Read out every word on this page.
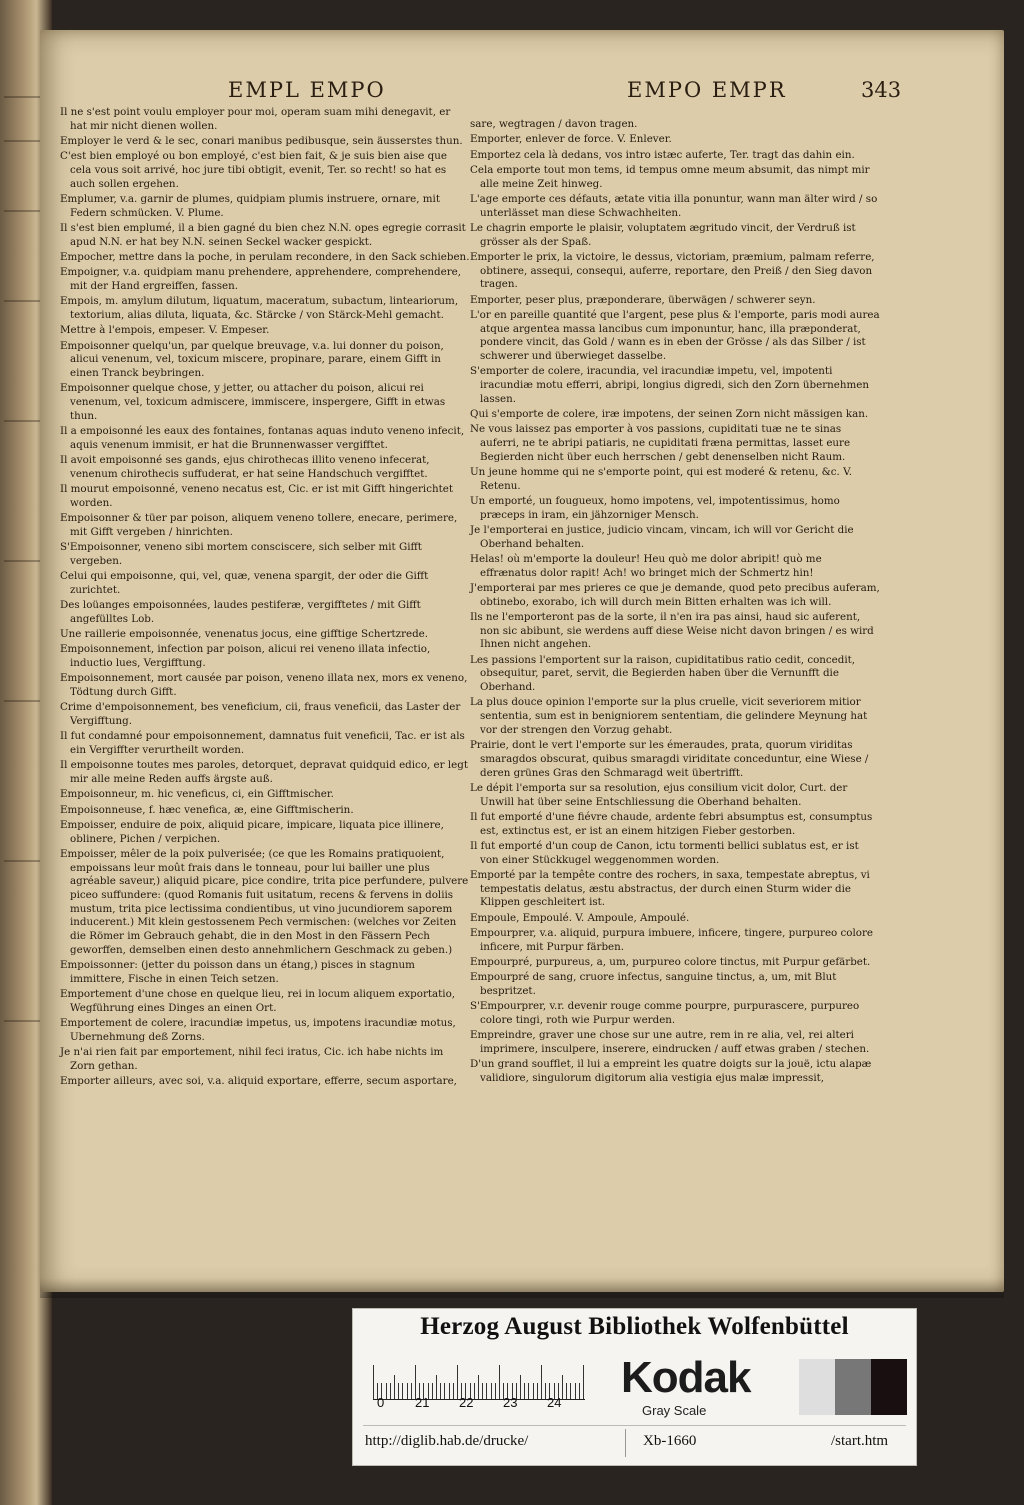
EMPL EMPO	EMPO EMPR	343
Il ne s'est point voulu employer pour moi, operam suam mihi denegavit, er hat mir nicht dienen wollen.
Employer le verd & le sec, conari manibus pedibusque, sein äusserstes thun.
C'est bien employé ou bon employé, c'est bien fait, & je suis bien aise que cela vous soit arrivé, hoc jure tibi obtigit, evenit, Ter. so recht! so hat es auch sollen ergehen.
Emplumer, v.a. garnir de plumes, quidpiam plumis instruere, ornare, mit Federn schmücken. V. Plume.
Il s'est bien emplumé, il a bien gagné du bien chez N.N. opes egregie corrasit apud N.N. er hat bey N.N. seinen Seckel wacker gespickt.
Empocher, mettre dans la poche, in perulam recondere, in den Sack schieben.
Empoigner, v.a. quidpiam manu prehendere, apprehendere, comprehendere, mit der Hand ergreiffen, fassen.
Empois, m. amylum dilutum, liquatum, maceratum, subactum, linteariorum, textorium, alias diluta, liquata, &c. Stärcke / von Stärck-Mehl gemacht.
Mettre à l'empois, empeser. V. Empeser.
Empoisonner quelqu'un, par quelque breuvage, v.a. lui donner du poison, alicui venenum, vel, toxicum miscere, propinare, parare, einem Gifft in einen Tranck beybringen.
Empoisonner quelque chose, y jetter, ou attacher du poison, alicui rei venenum, vel, toxicum admiscere, immiscere, inspergere, Gifft in etwas thun.
Il a empoisonné les eaux des fontaines, fontanas aquas induto veneno infecit, aquis venenum immisit, er hat die Brunnenwasser vergifftet.
Il avoit empoisonné ses gands, ejus chirothecas illito veneno infecerat, venenum chirothecis suffuderat, er hat seine Handschuch vergifftet.
Il mourut empoisonné, veneno necatus est, Cic. er ist mit Gifft hingerichtet worden.
Empoisonner & tüer par poison, aliquem veneno tollere, enecare, perimere, mit Gifft vergeben / hinrichten.
S'Empoisonner, veneno sibi mortem consciscere, sich selber mit Gifft vergeben.
Celui qui empoisonne, qui, vel, quæ, venena spargit, der oder die Gifft zurichtet.
Des loüanges empoisonnées, laudes pestiferæ, vergifftetes / mit Gifft angefülltes Lob.
Une raillerie empoisonnée, venenatus jocus, eine gifftige Schertzrede.
Empoisonnement, infection par poison, alicui rei veneno illata infectio, inductio lues, Vergifftung.
Empoisonnement, mort causée par poison, veneno illata nex, mors ex veneno, Tödtung durch Gifft.
Crime d'empoisonnement, bes veneficium, cii, fraus veneficii, das Laster der Vergifftung.
Il fut condamné pour empoisonnement, damnatus fuit veneficii, Tac. er ist als ein Vergiffter verurtheilt worden.
Il empoisonne toutes mes paroles, detorquet, depravat quidquid edico, er legt mir alle meine Reden auffs ärgste auß.
Empoisonneur, m. hic veneficus, ci, ein Gifftmischer.
Empoisonneuse, f. hæc venefica, æ, eine Gifftmischerin.
Empoisser, enduire de poix, aliquid picare, impicare, liquata pice illinere, oblinere, Pichen / verpichen.
Empoisser, mêler de la poix pulverisée; (ce que les Romains pratiquoient, empoissans leur moût frais dans le tonneau, pour lui bailler une plus agréable saveur,) aliquid picare, pice condire, trita pice perfundere, pulvere piceo suffundere: (quod Romanis fuit usitatum, recens & fervens in doliis mustum, trita pice lectissima condientibus, ut vino jucundiorem saporem inducerent.) Mit klein gestossenem Pech vermischen: (welches vor Zeiten die Römer im Gebrauch gehabt, die in den Most in den Fässern Pech geworffen, demselben einen desto annehmlichern Geschmack zu geben.)
Empoissonner: (jetter du poisson dans un étang,) pisces in stagnum immittere, Fische in einen Teich setzen.
Emportement d'une chose en quelque lieu, rei in locum aliquem exportatio, Wegführung eines Dinges an einen Ort.
Emportement de colere, iracundiæ impetus, us, impotens iracundiæ motus, Ubernehmung deß Zorns.
Je n'ai rien fait par emportement, nihil feci iratus, Cic. ich habe nichts im Zorn gethan.
Emporter ailleurs, avec soi, v.a. aliquid exportare, efferre, secum asportare,
sare, wegtragen / davon tragen.
Emporter, enlever de force. V. Enlever.
Emportez cela là dedans, vos intro istæc auferte, Ter. tragt das dahin ein.
Cela emporte tout mon tems, id tempus omne meum absumit, das nimpt mir alle meine Zeit hinweg.
L'age emporte ces défauts, ætate vitia illa ponuntur, wann man älter wird / so unterlässet man diese Schwachheiten.
Le chagrin emporte le plaisir, voluptatem ægritudo vincit, der Verdruß ist grösser als der Spaß.
Emporter le prix, la victoire, le dessus, victoriam, præmium, palmam referre, obtinere, assequi, consequi, auferre, reportare, den Preiß / den Sieg davon tragen.
Emporter, peser plus, præponderare, überwägen / schwerer seyn.
L'or en pareille quantité que l'argent, pese plus & l'emporte, paris modi aurea atque argentea massa lancibus cum imponuntur, hanc, illa præponderat, pondere vincit, das Gold / wann es in eben der Grösse / als das Silber / ist schwerer und überwieget dasselbe.
S'emporter de colere, iracundia, vel iracundiæ impetu, vel, impotenti iracundiæ motu efferri, abripi, longius digredi, sich den Zorn übernehmen lassen.
Qui s'emporte de colere, iræ impotens, der seinen Zorn nicht mässigen kan.
Ne vous laissez pas emporter à vos passions, cupiditati tuæ ne te sinas auferri, ne te abripi patiaris, ne cupiditati fræna permittas, lasset eure Begierden nicht über euch herrschen / gebt denenselben nicht Raum.
Un jeune homme qui ne s'emporte point, qui est moderé & retenu, &c. V. Retenu.
Un emporté, un fougueux, homo impotens, vel, impotentissimus, homo præceps in iram, ein jähzorniger Mensch.
Je l'emporterai en justice, judicio vincam, vincam, ich will vor Gericht die Oberhand behalten.
Helas! où m'emporte la douleur! Heu quò me dolor abripit! quò me effrænatus dolor rapit! Ach! wo bringet mich der Schmertz hin!
J'emporterai par mes prieres ce que je demande, quod peto precibus auferam, obtinebo, exorabo, ich will durch mein Bitten erhalten was ich will.
Ils ne l'emporteront pas de la sorte, il n'en ira pas ainsi, haud sic auferent, non sic abibunt, sie werdens auff diese Weise nicht davon bringen / es wird Ihnen nicht angehen.
Les passions l'emportent sur la raison, cupiditatibus ratio cedit, concedit, obsequitur, paret, servit, die Begierden haben über die Vernunfft die Oberhand.
La plus douce opinion l'emporte sur la plus cruelle, vicit severiorem mitior sententia, sum est in benigniorem sententiam, die gelindere Meynung hat vor der strengen den Vorzug gehabt.
Prairie, dont le vert l'emporte sur les émeraudes, prata, quorum viriditas smaragdos obscurat, quibus smaragdi viriditate conceduntur, eine Wiese / deren grünes Gras den Schmaragd weit übertrifft.
Le dépit l'emporta sur sa resolution, ejus consilium vicit dolor, Curt. der Unwill hat über seine Entschliessung die Oberhand behalten.
Il fut emporté d'une fiévre chaude, ardente febri absumptus est, consumptus est, extinctus est, er ist an einem hitzigen Fieber gestorben.
Il fut emporté d'un coup de Canon, ictu tormenti bellici sublatus est, er ist von einer Stückkugel weggenommen worden.
Emporté par la tempête contre des rochers, in saxa, tempestate abreptus, vi tempestatis delatus, æstu abstractus, der durch einen Sturm wider die Klippen geschleitert ist.
Empoule, Empoulé. V. Ampoule, Ampoulé.
Empourprer, v.a. aliquid, purpura imbuere, inficere, tingere, purpureo colore inficere, mit Purpur färben.
Empourpré, purpureus, a, um, purpureo colore tinctus, mit Purpur gefärbet.
Empourpré de sang, cruore infectus, sanguine tinctus, a, um, mit Blut bespritzet.
S'Empourprer, v.r. devenir rouge comme pourpre, purpurascere, purpureo colore tingi, roth wie Purpur werden.
Empreindre, graver une chose sur une autre, rem in re alia, vel, rei alteri imprimere, insculpere, inserere, eindrucken / auff etwas graben / stechen.
D'un grand soufflet, il lui a empreint les quatre doigts sur la jouë, ictu alapæ validiore, singulorum digitorum alia vestigia ejus malæ impressit,
Herzog August Bibliothek Wolfenbüttel
0 21 22 23 24
Kodak
Gray Scale
http://diglib.hab.de/drucke/	Xb-1660	/start.htm
